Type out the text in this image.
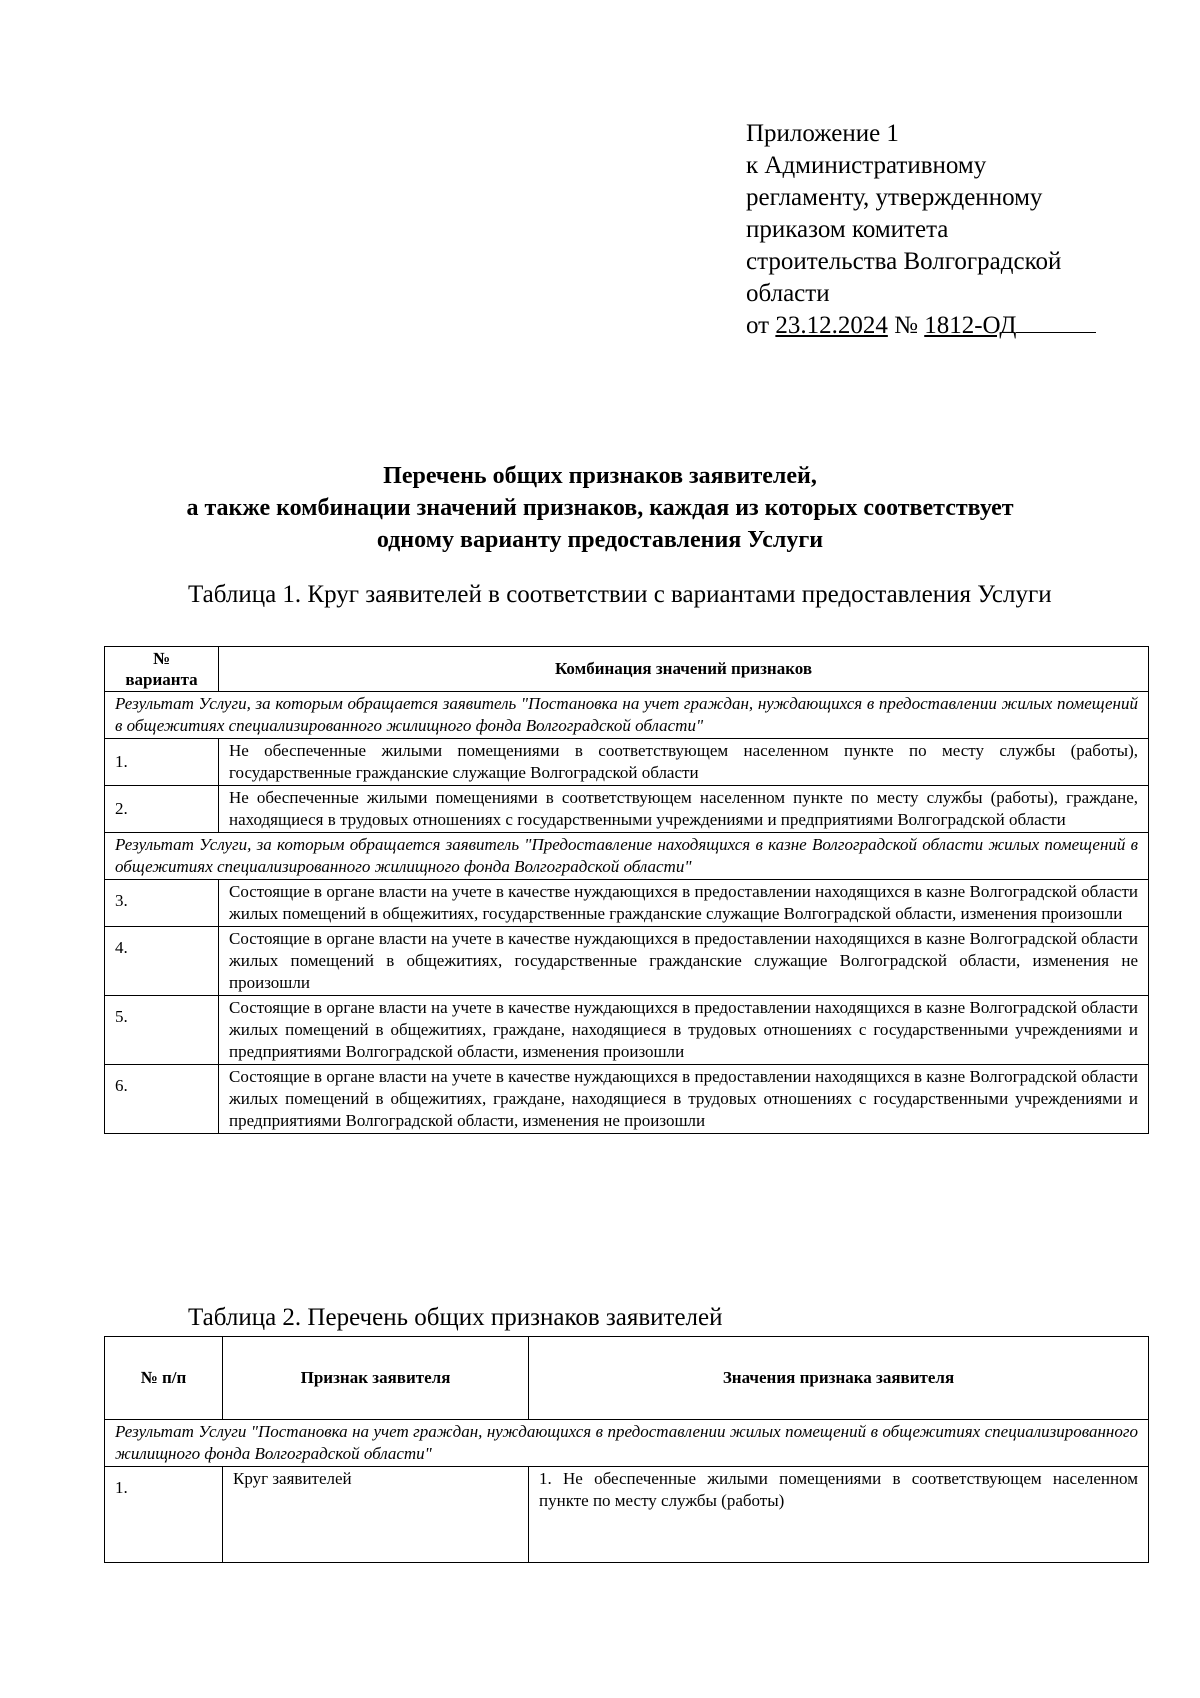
Приложение 1
к Административному
регламенту, утвержденному
приказом комитета
строительства Волгоградской
области
от 23.12.2024 № 1812-ОД
Перечень общих признаков заявителей,
а также комбинации значений признаков, каждая из которых соответствует
одному варианту предоставления Услуги
Таблица 1. Круг заявителей в соответствии с вариантами предоставления Услуги
№
варианта	Комбинация значений признаков
Результат Услуги, за которым обращается заявитель "Постановка на учет граждан, нуждающихся в предоставлении жилых помещений в общежитиях специализированного жилищного фонда Волгоградской области"	
1.	Не обеспеченные жилыми помещениями в соответствующем населенном пункте по месту службы (работы), государственные гражданские служащие Волгоградской области
2.	Не обеспеченные жилыми помещениями в соответствующем населенном пункте по месту службы (работы), граждане, находящиеся в трудовых отношениях с государственными учреждениями и предприятиями Волгоградской области
Результат Услуги, за которым обращается заявитель "Предоставление находящихся в казне Волгоградской области жилых помещений в общежитиях специализированного жилищного фонда Волгоградской области"	
3.	Состоящие в органе власти на учете в качестве нуждающихся в предоставлении находящихся в казне Волгоградской области жилых помещений в общежитиях, государственные гражданские служащие Волгоградской области, изменения произошли
4.	Состоящие в органе власти на учете в качестве нуждающихся в предоставлении находящихся в казне Волгоградской области жилых помещений в общежитиях, государственные гражданские служащие Волгоградской области, изменения не произошли
5.	Состоящие в органе власти на учете в качестве нуждающихся в предоставлении находящихся в казне Волгоградской области жилых помещений в общежитиях, граждане, находящиеся в трудовых отношениях с государственными учреждениями и предприятиями Волгоградской области, изменения произошли
6.	Состоящие в органе власти на учете в качестве нуждающихся в предоставлении находящихся в казне Волгоградской области жилых помещений в общежитиях, граждане, находящиеся в трудовых отношениях с государственными учреждениями и предприятиями Волгоградской области, изменения не произошли
Таблица 2. Перечень общих признаков заявителей
№ п/п	Признак заявителя	Значения признака заявителя
Результат Услуги "Постановка на учет граждан, нуждающихся в предоставлении жилых помещений в общежитиях специализированного жилищного фонда Волгоградской области"		
1.	Круг заявителей	1. Не обеспеченные жилыми помещениями в соответствующем населенном пункте по месту службы (работы)
